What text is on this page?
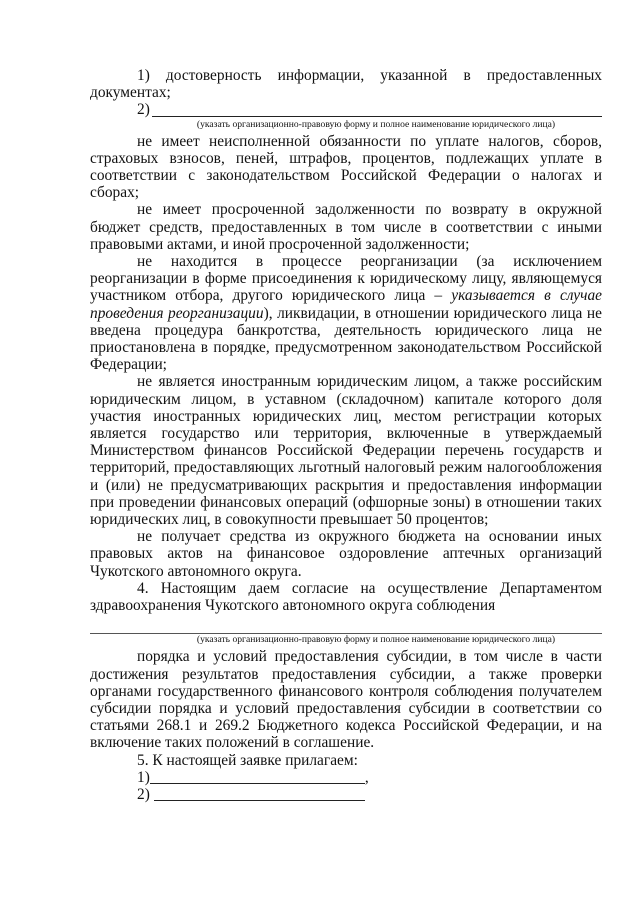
1) достоверность информации, указанной в предоставленных документах;

2)

(указать организационно-правовую форму и полное наименование юридического лица)

не имеет неисполненной обязанности по уплате налогов, сборов, страховых взносов, пеней, штрафов, процентов, подлежащих уплате в соответствии с законодательством Российской Федерации о налогах и сборах;

не имеет просроченной задолженности по возврату в окружной бюджет средств, предоставленных в том числе в соответствии с иными правовыми актами, и иной просроченной задолженности;

не находится в процессе реорганизации (за исключением реорганизации в форме присоединения к юридическому лицу, являющемуся участником отбора, другого юридического лица – указывается в случае проведения реорганизации), ликвидации, в отношении юридического лица не введена процедура банкротства, деятельность юридического лица не приостановлена в порядке, предусмотренном законодательством Российской Федерации;

не является иностранным юридическим лицом, а также российским юридическим лицом, в уставном (складочном) капитале которого доля участия иностранных юридических лиц, местом регистрации которых является государство или территория, включенные в утверждаемый Министерством финансов Российской Федерации перечень государств и территорий, предоставляющих льготный налоговый режим налогообложения и (или) не предусматривающих раскрытия и предоставления информации при проведении финансовых операций (офшорные зоны) в отношении таких юридических лиц, в совокупности превышает 50 процентов;

не получает средства из окружного бюджета на основании иных правовых актов на финансовое оздоровление аптечных организаций Чукотского автономного округа.

4. Настоящим даем согласие на осуществление Департаментом здравоохранения Чукотского автономного округа соблюдения

(указать организационно-правовую форму и полное наименование юридического лица)

порядка и условий предоставления субсидии, в том числе в части достижения результатов предоставления субсидии, а также проверки органами государственного финансового контроля соблюдения получателем субсидии порядка и условий предоставления субсидии в соответствии со статьями 268.1 и 269.2 Бюджетного кодекса Российской Федерации, и на включение таких положений в соглашение.

5. К настоящей заявке прилагаем:

1)	,
2)
